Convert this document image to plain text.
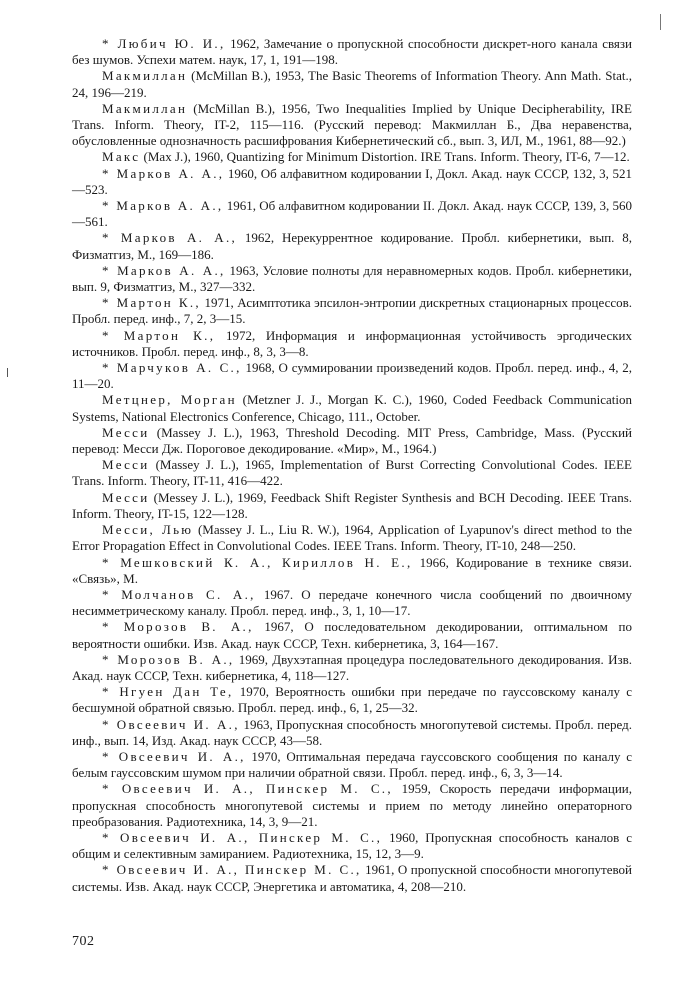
* Любич Ю. И., 1962, Замечание о пропускной способности дискрет-ного канала связи без шумов. Успехи матем. наук, 17, 1, 191—198.

Макмиллан (McMillan B.), 1953, The Basic Theorems of Information Theory. Ann Math. Stat., 24, 196—219.

Макмиллан (McMillan B.), 1956, Two Inequalities Implied by Unique Decipherability, IRE Trans. Inform. Theory, IT-2, 115—116. (Русский перевод: Макмиллан Б., Два неравенства, обусловленные однозначность расшифрования Кибернетический сб., вып. 3, ИЛ, М., 1961, 88—92.)

Макс (Max J.), 1960, Quantizing for Minimum Distortion. IRE Trans. Inform. Theory, IT-6, 7—12.

* Марков А. А., 1960, Об алфавитном кодировании I, Докл. Акад. наук СССР, 132, 3, 521—523.

* Марков А. А., 1961, Об алфавитном кодировании II. Докл. Акад. наук СССР, 139, 3, 560—561.

* Марков А. А., 1962, Нерекуррентное кодирование. Пробл. кибернетики, вып. 8, Физматгиз, М., 169—186.

* Марков А. А., 1963, Условие полноты для неравномерных кодов. Пробл. кибернетики, вып. 9, Физматгиз, М., 327—332.

* Мартон К., 1971, Асимптотика эпсилон-энтропии дискретных стационарных процессов. Пробл. перед. инф., 7, 2, 3—15.

* Мартон К., 1972, Информация и информационная устойчивость эргодических источников. Пробл. перед. инф., 8, 3, 3—8.

* Марчуков А. С., 1968, О суммировании произведений кодов. Пробл. перед. инф., 4, 2, 11—20.

Метцнер, Морган (Metzner J. J., Morgan K. C.), 1960, Coded Feedback Communication Systems, National Electronics Conference, Chicago, 111., October.

Месси (Massey J. L.), 1963, Threshold Decoding. MIT Press, Cambridge, Mass. (Русский перевод: Месси Дж. Пороговое декодирование. «Мир», М., 1964.)

Месси (Massey J. L.), 1965, Implementation of Burst Correcting Convolutional Codes. IEEE Trans. Inform. Theory, IT-11, 416—422.

Месси (Messey J. L.), 1969, Feedback Shift Register Synthesis and BCH Decoding. IEEE Trans. Inform. Theory, IT-15, 122—128.

Месси, Лью (Massey J. L., Liu R. W.), 1964, Application of Lyapunov's direct method to the Error Propagation Effect in Convolutional Codes. IEEE Trans. Inform. Theory, IT-10, 248—250.

* Мешковский К. А., Кириллов Н. Е., 1966, Кодирование в технике связи. «Связь», М.

* Молчанов С. А., 1967. О передаче конечного числа сообщений по двоичному несимметрическому каналу. Пробл. перед. инф., 3, 1, 10—17.

* Морозов В. А., 1967, О последовательном декодировании, оптимальном по вероятности ошибки. Изв. Акад. наук СССР, Техн. кибернетика, 3, 164—167.

* Морозов В. А., 1969, Двухэтапная процедура последовательного декодирования. Изв. Акад. наук СССР, Техн. кибернетика, 4, 118—127.

* Нгуен Дан Те, 1970, Вероятность ошибки при передаче по гауссовскому каналу с бесшумной обратной связью. Пробл. перед. инф., 6, 1, 25—32.

* Овсеевич И. А., 1963, Пропускная способность многопутевой системы. Пробл. перед. инф., вып. 14, Изд. Акад. наук СССР, 43—58.

* Овсеевич И. А., 1970, Оптимальная передача гауссовского сообщения по каналу с белым гауссовским шумом при наличии обратной связи. Пробл. перед. инф., 6, 3, 3—14.

* Овсеевич И. А., Пинскер М. С., 1959, Скорость передачи информации, пропускная способность многопутевой системы и прием по методу линейно операторного преобразования. Радиотехника, 14, 3, 9—21.

* Овсеевич И. А., Пинскер М. С., 1960, Пропускная способность каналов с общим и селективным замиранием. Радиотехника, 15, 12, 3—9.

* Овсеевич И. А., Пинскер М. С., 1961, О пропускной способности многопутевой системы. Изв. Акад. наук СССР, Энергетика и автоматика, 4, 208—210.

702
